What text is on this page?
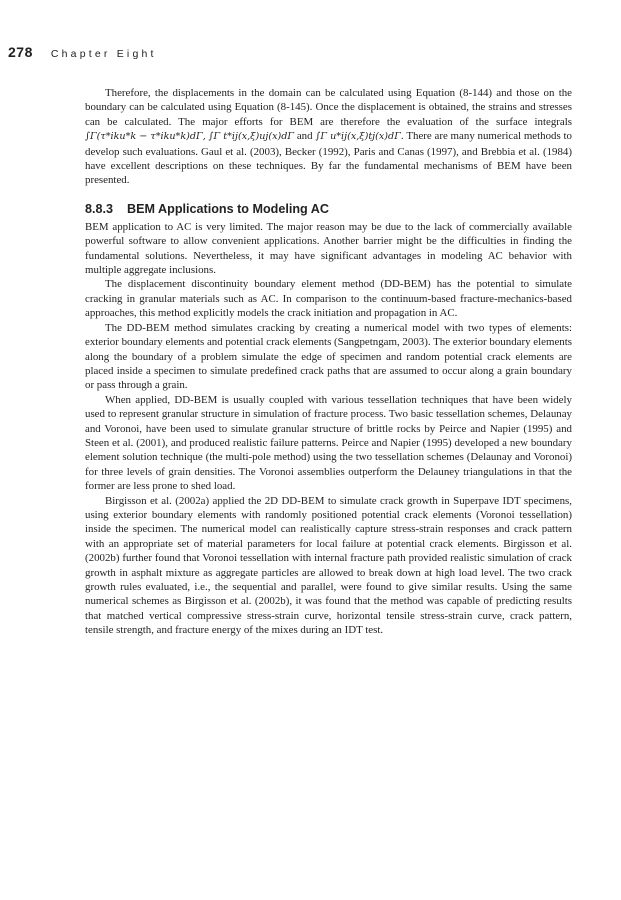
278 Chapter Eight
Therefore, the displacements in the domain can be calculated using Equation (8-144) and those on the boundary can be calculated using Equation (8-145). Once the displacement is obtained, the strains and stresses can be calculated. The major efforts for BEM are therefore the evaluation of the surface integrals ∫Γ(τ*iku*k − τ*iku*k)dΓ, ∫Γ t*ij(x,ξ)uj(x)dΓ and ∫Γ u*ij(x,ξ)tj(x)dΓ. There are many numerical methods to develop such evaluations. Gaul et al. (2003), Becker (1992), Paris and Canas (1997), and Brebbia et al. (1984) have excellent descriptions on these techniques. By far the fundamental mechanisms of BEM have been presented.
8.8.3 BEM Applications to Modeling AC

BEM application to AC is very limited. The major reason may be due to the lack of commercially available powerful software to allow convenient applications. Another barrier might be the difficulties in finding the fundamental solutions. Nevertheless, it may have significant advantages in modeling AC behavior with multiple aggregate inclusions.

The displacement discontinuity boundary element method (DD-BEM) has the potential to simulate cracking in granular materials such as AC. In comparison to the continuum-based fracture-mechanics-based approaches, this method explicitly models the crack initiation and propagation in AC.

The DD-BEM method simulates cracking by creating a numerical model with two types of elements: exterior boundary elements and potential crack elements (Sangpetngam, 2003). The exterior boundary elements along the boundary of a problem simulate the edge of specimen and random potential crack elements are placed inside a specimen to simulate predefined crack paths that are assumed to occur along a grain boundary or pass through a grain.

When applied, DD-BEM is usually coupled with various tessellation techniques that have been widely used to represent granular structure in simulation of fracture process. Two basic tessellation schemes, Delaunay and Voronoi, have been used to simulate granular structure of brittle rocks by Peirce and Napier (1995) and Steen et al. (2001), and produced realistic failure patterns. Peirce and Napier (1995) developed a new boundary element solution technique (the multi-pole method) using the two tessellation schemes (Delaunay and Voronoi) for three levels of grain densities. The Voronoi assemblies outperform the Delauney triangulations in that the former are less prone to shed load.

Birgisson et al. (2002a) applied the 2D DD-BEM to simulate crack growth in Superpave IDT specimens, using exterior boundary elements with randomly positioned potential crack elements (Voronoi tessellation) inside the specimen. The numerical model can realistically capture stress-strain responses and crack pattern with an appropriate set of material parameters for local failure at potential crack elements. Birgisson et al. (2002b) further found that Voronoi tessellation with internal fracture path provided realistic simulation of crack growth in asphalt mixture as aggregate particles are allowed to break down at high load level. The two crack growth rules evaluated, i.e., the sequential and parallel, were found to give similar results. Using the same numerical schemes as Birgisson et al. (2002b), it was found that the method was capable of predicting results that matched vertical compressive stress-strain curve, horizontal tensile stress-strain curve, crack pattern, tensile strength, and fracture energy of the mixes during an IDT test.
